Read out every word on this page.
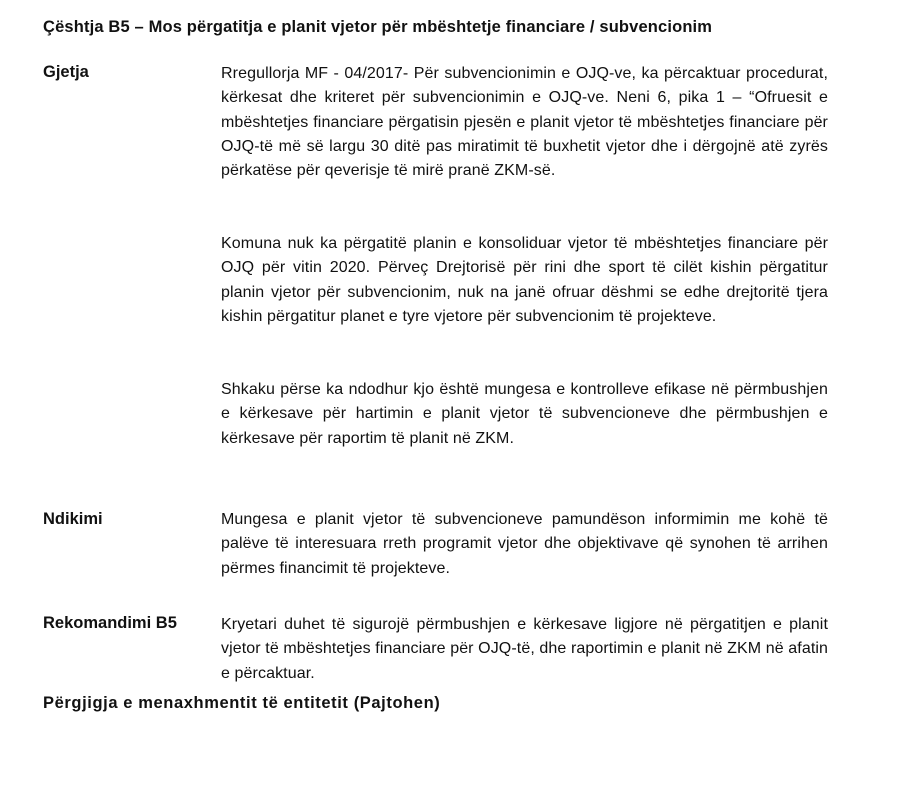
Çështja B5 – Mos përgatitja e planit vjetor për mbështetje financiare / subvencionim
Gjetja	Rregullorja MF - 04/2017- Për subvencionimin e OJQ-ve, ka përcaktuar procedurat, kërkesat dhe kriteret për subvencionimin e OJQ-ve. Neni 6, pika 1 – “Ofruesit e mbështetjes financiare përgatisin pjesën e planit vjetor të mbështetjes financiare për OJQ-të më së largu 30 ditë pas miratimit të buxhetit vjetor dhe i dërgojnë atë zyrës përkatëse për qeverisje të mirë pranë ZKM-së.
Komuna nuk ka përgatitë planin e konsoliduar vjetor të mbështetjes financiare për OJQ për vitin 2020. Përveç Drejtorisë për rini dhe sport të cilët kishin përgatitur planin vjetor për subvencionim, nuk na janë ofruar dëshmi se edhe drejtoritë tjera kishin përgatitur planet e tyre vjetore për subvencionim të projekteve.
Shkaku përse ka ndodhur kjo është mungesa e kontrolleve efikase në përmbushjen e kërkesave për hartimin e planit vjetor të subvencioneve dhe përmbushjen e kërkesave për raportim të planit në ZKM.
Ndikimi	Mungesa e planit vjetor të subvencioneve pamundëson informimin me kohë të palëve të interesuara rreth programit vjetor dhe objektivave që synohen të arrihen përmes financimit të projekteve.
Rekomandimi B5	Kryetari duhet të sigurojë përmbushjen e kërkesave ligjore në përgatitjen e planit vjetor të mbështetjes financiare për OJQ-të, dhe raportimin e planit në ZKM në afatin e përcaktuar.
Përgjigja e menaxhmentit të entitetit (Pajtohen)
